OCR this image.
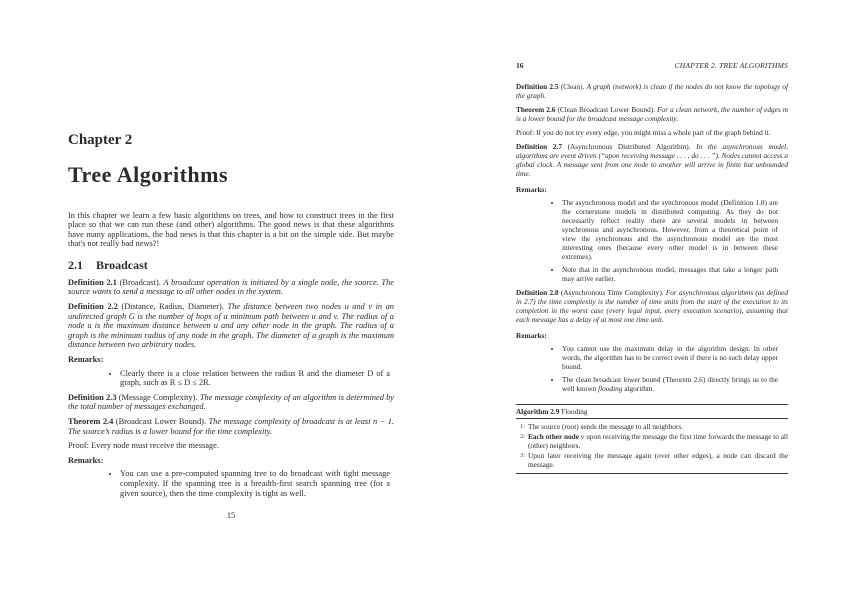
Chapter 2
Tree Algorithms

In this chapter we learn a few basic algorithms on trees, and how to construct trees in the first place so that we can run these (and other) algorithms. The good news is that these algorithms have many applications, the bad news is that this chapter is a bit on the simple side. But maybe that's not really bad news?!

2.1 Broadcast

Definition 2.1 (Broadcast). A broadcast operation is initiated by a single node, the source. The source wants to send a message to all other nodes in the system.

Definition 2.2 (Distance, Radius, Diameter). The distance between two nodes u and v in an undirected graph G is the number of hops of a minimum path between u and v. The radius of a node u is the maximum distance between u and any other node in the graph. The radius of a graph is the minimum radius of any node in the graph. The diameter of a graph is the maximum distance between two arbitrary nodes.

Remarks:
• Clearly there is a close relation between the radius R and the diameter D of a graph, such as R ≤ D ≤ 2R.

Definition 2.3 (Message Complexity). The message complexity of an algorithm is determined by the total number of messages exchanged.

Theorem 2.4 (Broadcast Lower Bound). The message complexity of broadcast is at least n − 1. The source’s radius is a lower bound for the time complexity.

Proof: Every node must receive the message.

Remarks:
• You can use a pre-computed spanning tree to do broadcast with tight message complexity. If the spanning tree is a breadth-first search spanning tree (for a given source), then the time complexity is tight as well.
15
16	CHAPTER 2. TREE ALGORITHMS

Definition 2.5 (Clean). A graph (network) is clean if the nodes do not know the topology of the graph.

Theorem 2.6 (Clean Broadcast Lower Bound). For a clean network, the number of edges m is a lower bound for the broadcast message complexity.

Proof: If you do not try every edge, you might miss a whole part of the graph behind it.

Definition 2.7 (Asynchronous Distributed Algorithm). In the asynchronous model, algorithms are event driven (“upon receiving message . . . , do . . . ”). Nodes cannot access a global clock. A message sent from one node to another will arrive in finite but unbounded time.

Remarks:
• The asynchronous model and the synchronous model (Definition 1.8) are the cornerstone models in distributed computing. As they do not necessarily reflect reality there are several models in between synchronous and asynchronous. However, from a theoretical point of view the synchronous and the asynchronous model are the most interesting ones (because every other model is in between these extremes).
• Note that in the asynchronous model, messages that take a longer path may arrive earlier.

Definition 2.8 (Asynchronous Time Complexity). For asynchronous algorithms (as defined in 2.7) the time complexity is the number of time units from the start of the execution to its completion in the worst case (every legal input, every execution scenario), assuming that each message has a delay of at most one time unit.

Remarks:
• You cannot use the maximum delay in the algorithm design. In other words, the algorithm has to be correct even if there is no such delay upper bound.
• The clean broadcast lower bound (Theorem 2.6) directly brings us to the well known flooding algorithm.
Algorithm 2.9 Flooding
1: The source (root) sends the message to all neighbors.
2: Each other node v upon receiving the message the first time forwards the message to all (other) neighbors.
3: Upon later receiving the message again (over other edges), a node can discard the message.
